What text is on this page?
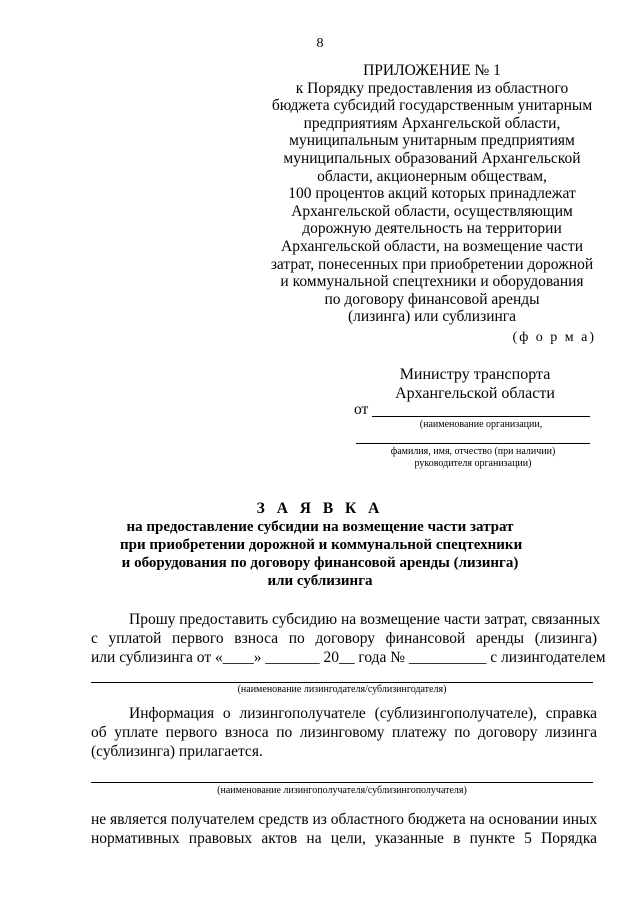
8
ПРИЛОЖЕНИЕ № 1
к Порядку предоставления из областного
бюджета субсидий государственным унитарным
предприятиям Архангельской области,
муниципальным унитарным предприятиям
муниципальных образований Архангельской
области, акционерным обществам,
100 процентов акций которых принадлежат
Архангельской области, осуществляющим
дорожную деятельность на территории
Архангельской области, на возмещение части
затрат, понесенных при приобретении дорожной
и коммунальной спецтехники и оборудования
по договору финансовой аренды
(лизинга) или сублизинга
(ф о р м а)
Министру транспорта
Архангельской области
от
(наименование организации,
фамилия, имя, отчество (при наличии)
руководителя организации)
З А Я В К А
на предоставление субсидии на возмещение части затрат
при приобретении дорожной и коммунальной спецтехники
и оборудования по договору финансовой аренды (лизинга)
или сублизинга
Прошу предоставить субсидию на возмещение части затрат, связанных
с уплатой первого взноса по договору финансовой аренды (лизинга)
или сублизинга от «____» _______ 20__ года № __________ с лизингодателем
(наименование лизингодателя/сублизингодателя)
Информация о лизингополучателе (сублизингополучателе), справка
об уплате первого взноса по лизинговому платежу по договору лизинга
(сублизинга) прилагается.
(наименование лизингополучателя/сублизингополучателя)
не является получателем средств из областного бюджета на основании иных
нормативных правовых актов на цели, указанные в пункте 5 Порядка
